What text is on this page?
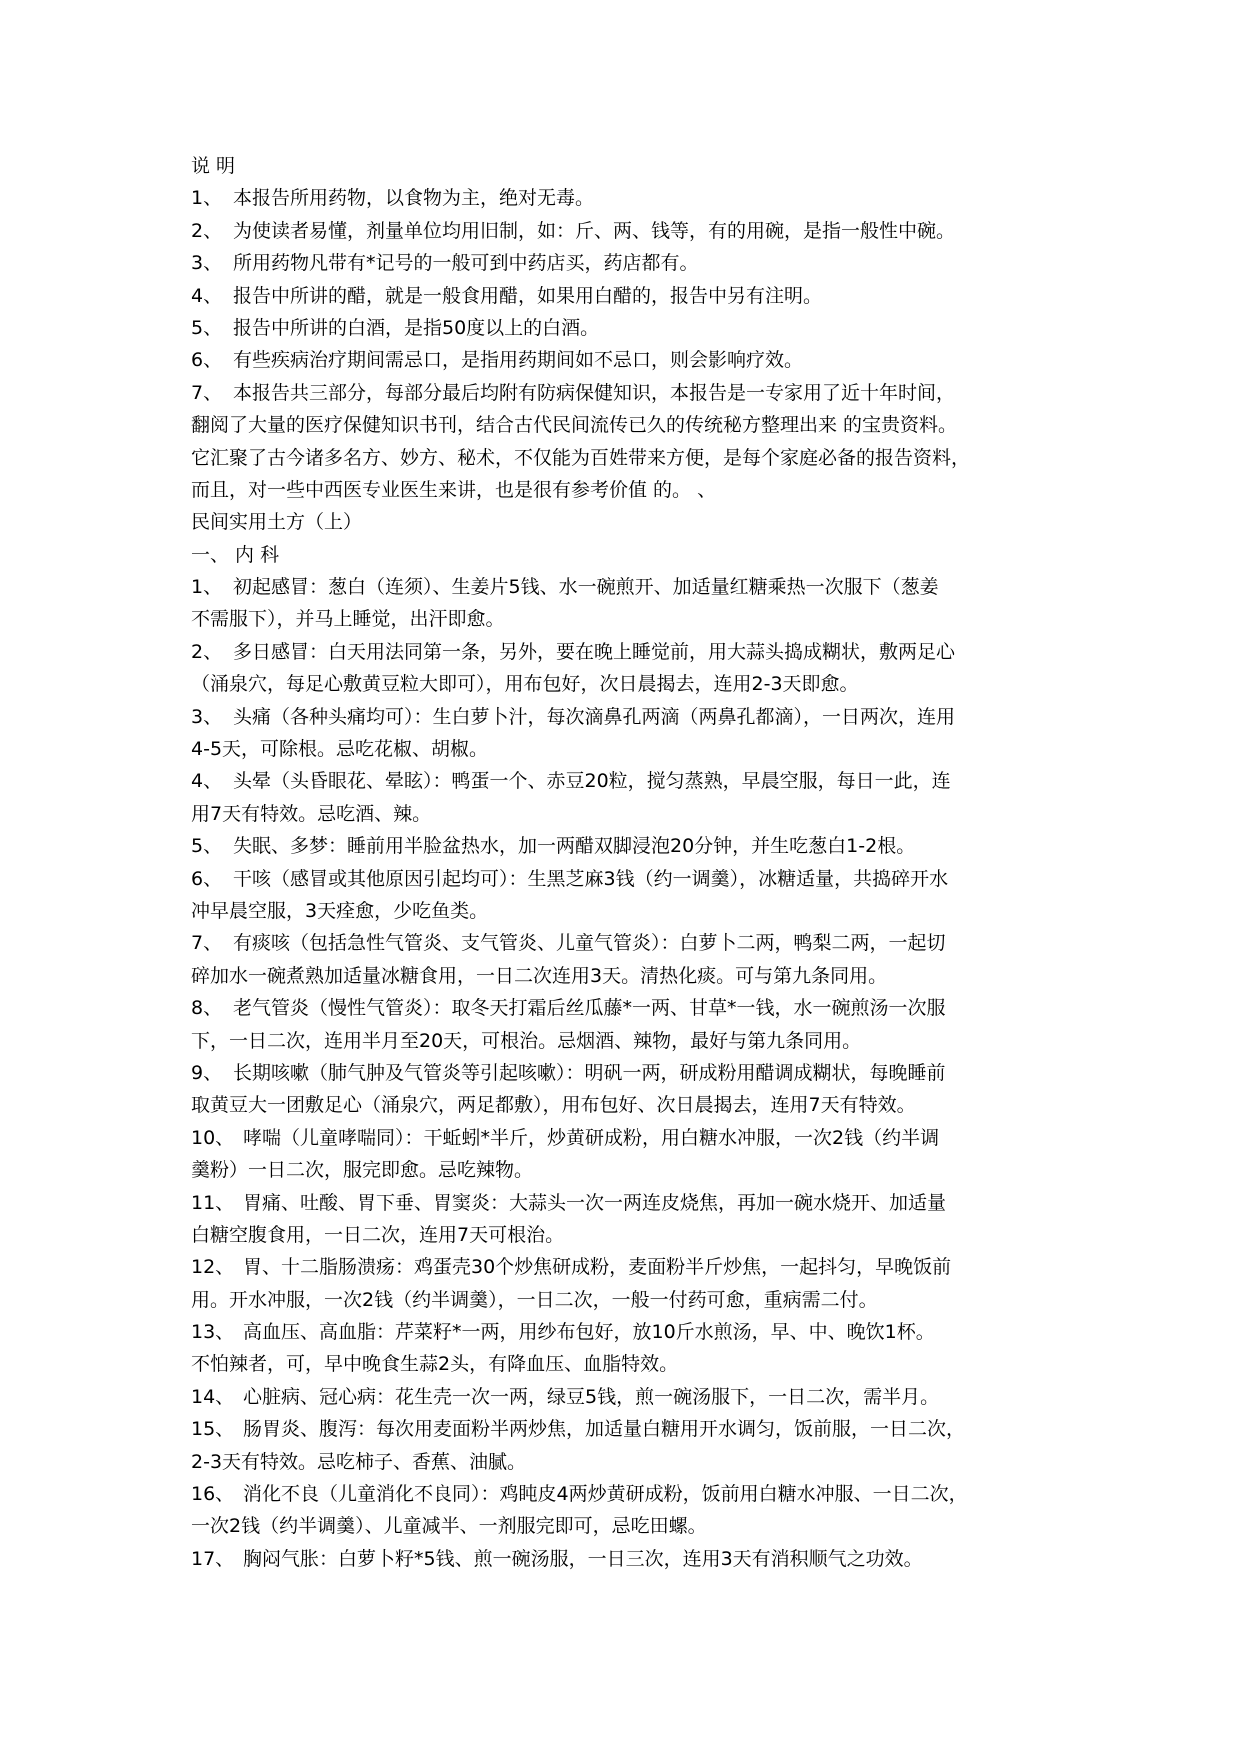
说 明
1、 本报告所用药物，以食物为主，绝对无毒。
2、 为使读者易懂，剂量单位均用旧制，如：斤、两、钱等，有的用碗，是指一般性中碗。
3、 所用药物凡带有*记号的一般可到中药店买，药店都有。
4、 报告中所讲的醋，就是一般食用醋，如果用白醋的，报告中另有注明。
5、 报告中所讲的白酒，是指50度以上的白酒。
6、 有些疾病治疗期间需忌口，是指用药期间如不忌口，则会影响疗效。
7、 本报告共三部分，每部分最后均附有防病保健知识，本报告是一专家用了近十年时间，
翻阅了大量的医疗保健知识书刊，结合古代民间流传已久的传统秘方整理出来 的宝贵资料。
它汇聚了古今诸多名方、妙方、秘术，不仅能为百姓带来方便，是每个家庭必备的报告资料，
而且，对一些中西医专业医生来讲，也是很有参考价值 的。 、
民间实用土方（上）
一、 内 科
1、 初起感冒：葱白（连须）、生姜片5钱、水一碗煎开、加适量红糖乘热一次服下（葱姜
不需服下），并马上睡觉，出汗即愈。
2、 多日感冒：白天用法同第一条，另外，要在晚上睡觉前，用大蒜头捣成糊状，敷两足心
（涌泉穴，每足心敷黄豆粒大即可），用布包好，次日晨揭去，连用2-3天即愈。
3、 头痛（各种头痛均可）：生白萝卜汁，每次滴鼻孔两滴（两鼻孔都滴），一日两次，连用
4-5天，可除根。忌吃花椒、胡椒。
4、 头晕（头昏眼花、晕眩）：鸭蛋一个、赤豆20粒，搅匀蒸熟，早晨空服，每日一此，连
用7天有特效。忌吃酒、辣。
5、 失眠、多梦：睡前用半脸盆热水，加一两醋双脚浸泡20分钟，并生吃葱白1-2根。
6、 干咳（感冒或其他原因引起均可）：生黑芝麻3钱（约一调羹），冰糖适量，共捣碎开水
冲早晨空服，3天痊愈，少吃鱼类。
7、 有痰咳（包括急性气管炎、支气管炎、儿童气管炎）：白萝卜二两，鸭梨二两，一起切
碎加水一碗煮熟加适量冰糖食用，一日二次连用3天。清热化痰。可与第九条同用。
8、 老气管炎（慢性气管炎）：取冬天打霜后丝瓜藤*一两、甘草*一钱，水一碗煎汤一次服
下，一日二次，连用半月至20天，可根治。忌烟酒、辣物，最好与第九条同用。
9、 长期咳嗽（肺气肿及气管炎等引起咳嗽）：明矾一两，研成粉用醋调成糊状，每晚睡前
取黄豆大一团敷足心（涌泉穴，两足都敷），用布包好、次日晨揭去，连用7天有特效。
10、 哮喘（儿童哮喘同）：干蚯蚓*半斤，炒黄研成粉，用白糖水冲服，一次2钱（约半调
羹粉）一日二次，服完即愈。忌吃辣物。
11、 胃痛、吐酸、胃下垂、胃窦炎：大蒜头一次一两连皮烧焦，再加一碗水烧开、加适量
白糖空腹食用，一日二次，连用7天可根治。
12、 胃、十二脂肠溃疡：鸡蛋壳30个炒焦研成粉，麦面粉半斤炒焦，一起抖匀，早晚饭前
用。开水冲服，一次2钱（约半调羹），一日二次，一般一付药可愈，重病需二付。
13、 高血压、高血脂：芹菜籽*一两，用纱布包好，放10斤水煎汤，早、中、晚饮1杯。
不怕辣者，可，早中晚食生蒜2头，有降血压、血脂特效。
14、 心脏病、冠心病：花生壳一次一两，绿豆5钱，煎一碗汤服下，一日二次，需半月。
15、 肠胃炎、腹泻：每次用麦面粉半两炒焦，加适量白糖用开水调匀，饭前服，一日二次，
2-3天有特效。忌吃柿子、香蕉、油腻。
16、 消化不良（儿童消化不良同）：鸡盹皮4两炒黄研成粉，饭前用白糖水冲服、一日二次，
一次2钱（约半调羹）、儿童减半、一剂服完即可，忌吃田螺。
17、 胸闷气胀：白萝卜籽*5钱、煎一碗汤服，一日三次，连用3天有消积顺气之功效。
